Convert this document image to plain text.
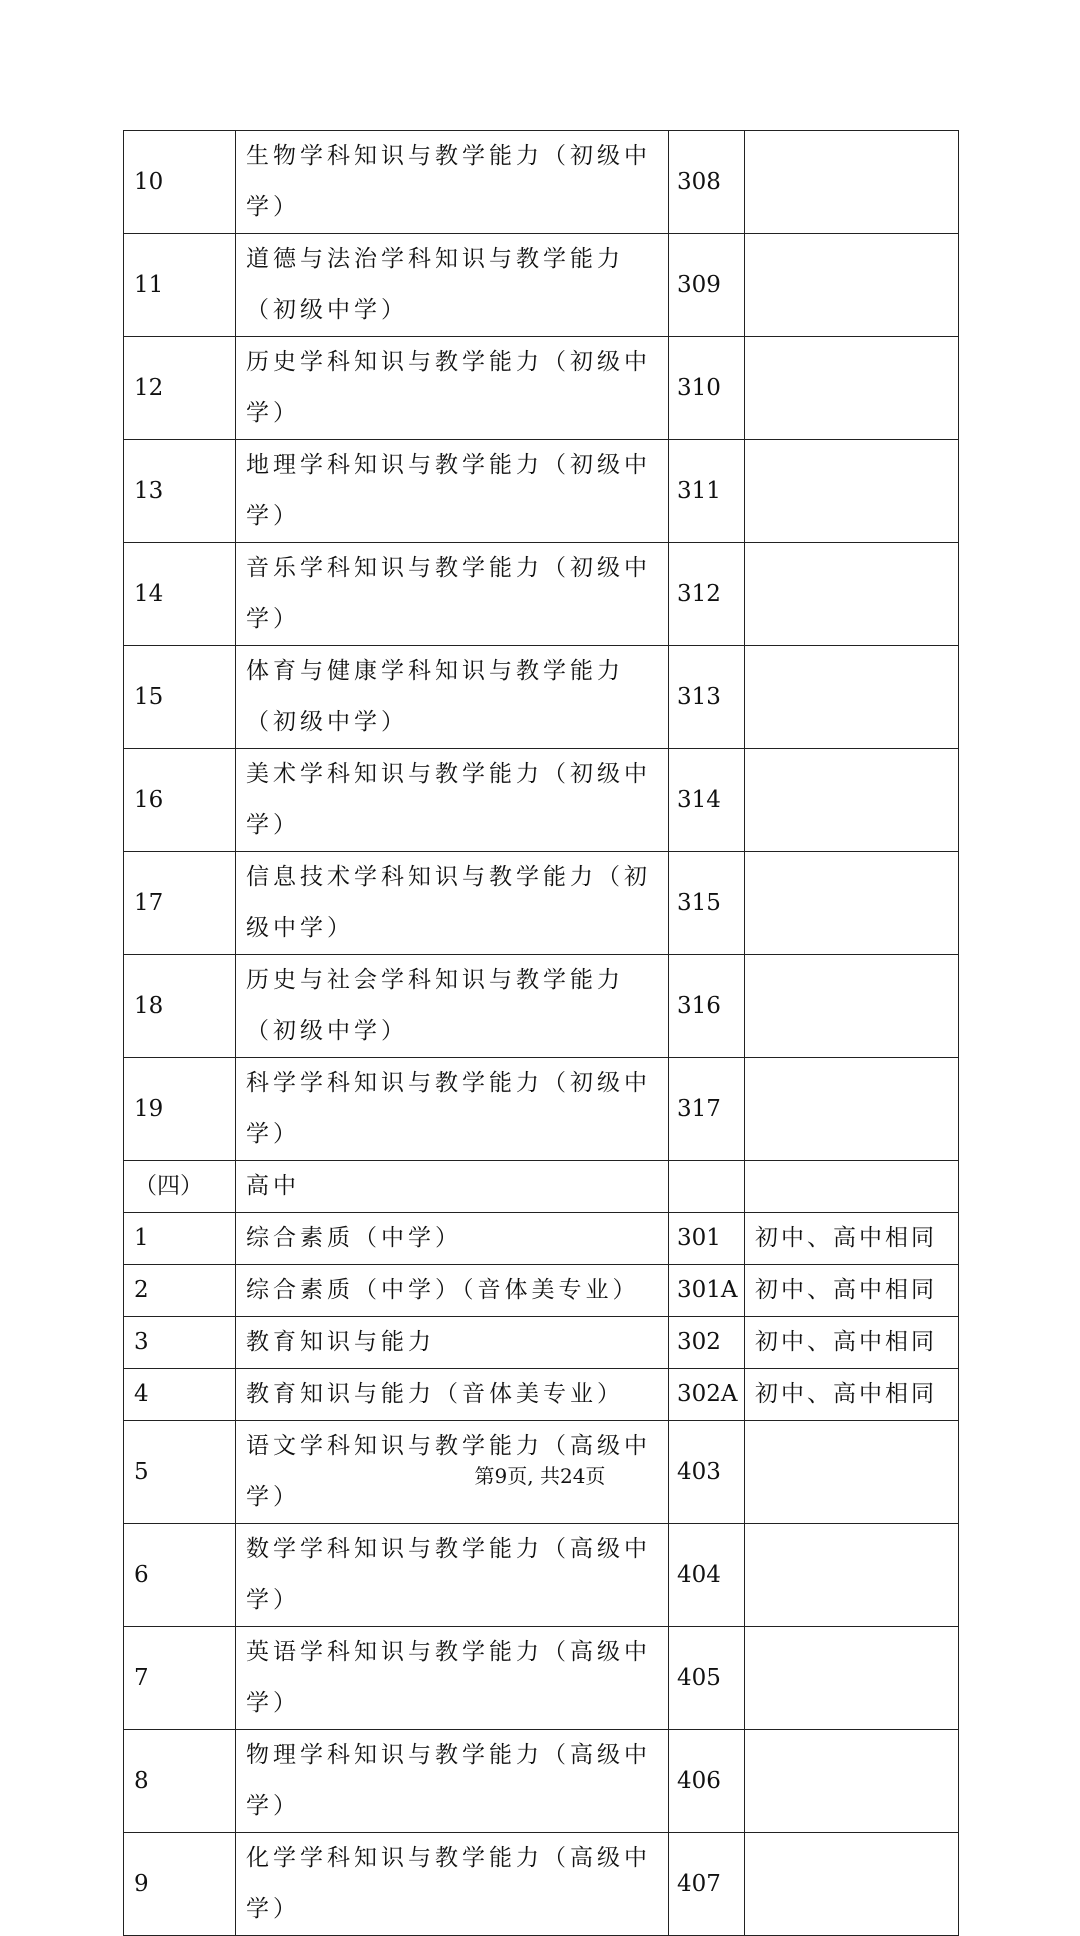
10	生物学科知识与教学能力（初级中学）	308	
11	道德与法治学科知识与教学能力（初级中学）	309	
12	历史学科知识与教学能力（初级中学）	310	
13	地理学科知识与教学能力（初级中学）	311	
14	音乐学科知识与教学能力（初级中学）	312	
15	体育与健康学科知识与教学能力（初级中学）	313	
16	美术学科知识与教学能力（初级中学）	314	
17	信息技术学科知识与教学能力（初级中学）	315	
18	历史与社会学科知识与教学能力（初级中学）	316	
19	科学学科知识与教学能力（初级中学）	317	
（四）	高中		
1	综合素质（中学）	301	初中、高中相同
2	综合素质（中学）（音体美专业）	301A	初中、高中相同
3	教育知识与能力	302	初中、高中相同
4	教育知识与能力（音体美专业）	302A	初中、高中相同
5	语文学科知识与教学能力（高级中学）	403	
6	数学学科知识与教学能力（高级中学）	404	
7	英语学科知识与教学能力（高级中学）	405	
8	物理学科知识与教学能力（高级中学）	406	
9	化学学科知识与教学能力（高级中学）	407	
第9页, 共24页
